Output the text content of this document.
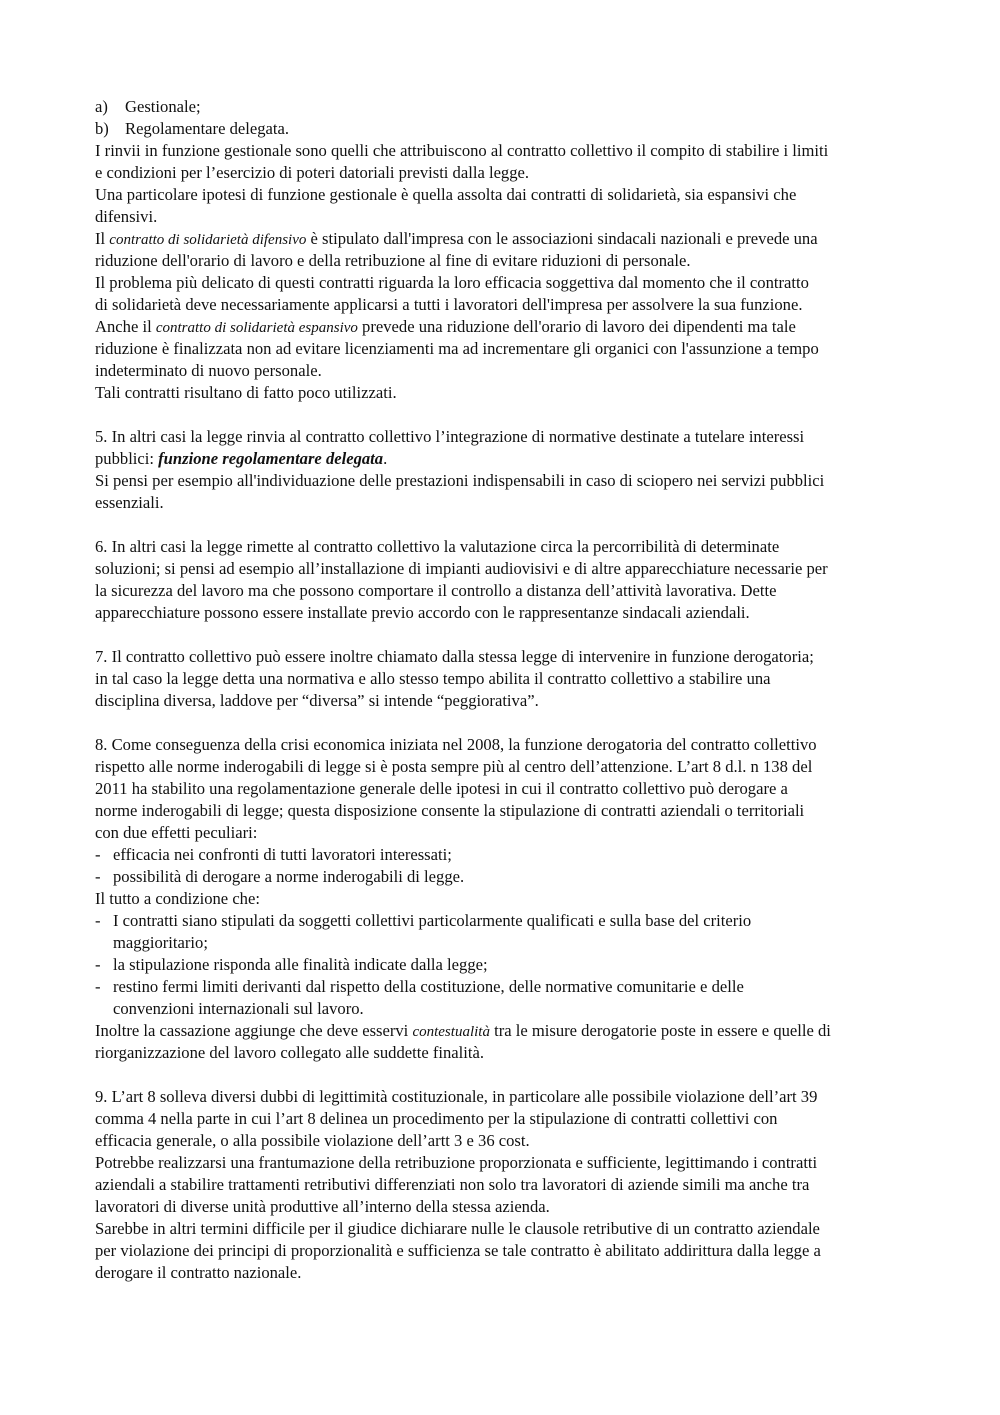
a) Gestionale;
b) Regolamentare delegata.
I rinvii in funzione gestionale sono quelli che attribuiscono al contratto collettivo il compito di stabilire i limiti
e condizioni per l’esercizio di poteri datoriali previsti dalla legge.
Una particolare ipotesi di funzione gestionale è quella assolta dai contratti di solidarietà, sia espansivi che
difensivi.
Il contratto di solidarietà difensivo è stipulato dall'impresa con le associazioni sindacali nazionali e prevede una
riduzione dell'orario di lavoro e della retribuzione al fine di evitare riduzioni di personale.
Il problema più delicato di questi contratti riguarda la loro efficacia soggettiva dal momento che il contratto
di solidarietà deve necessariamente applicarsi a tutti i lavoratori dell'impresa per assolvere la sua funzione.
Anche il contratto di solidarietà espansivo prevede una riduzione dell'orario di lavoro dei dipendenti ma tale
riduzione è finalizzata non ad evitare licenziamenti ma ad incrementare gli organici con l'assunzione a tempo
indeterminato di nuovo personale.
Tali contratti risultano di fatto poco utilizzati.
5. In altri casi la legge rinvia al contratto collettivo l’integrazione di normative destinate a tutelare interessi
pubblici: funzione regolamentare delegata.
Si pensi per esempio all'individuazione delle prestazioni indispensabili in caso di sciopero nei servizi pubblici
essenziali.
6. In altri casi la legge rimette al contratto collettivo la valutazione circa la percorribilità di determinate
soluzioni; si pensi ad esempio all’installazione di impianti audiovisivi e di altre apparecchiature necessarie per
la sicurezza del lavoro ma che possono comportare il controllo a distanza dell’attività lavorativa. Dette
apparecchiature possono essere installate previo accordo con le rappresentanze sindacali aziendali.
7. Il contratto collettivo può essere inoltre chiamato dalla stessa legge di intervenire in funzione derogatoria;
in tal caso la legge detta una normativa e allo stesso tempo abilita il contratto collettivo a stabilire una
disciplina diversa, laddove per “diversa” si intende “peggiorativa”.
8. Come conseguenza della crisi economica iniziata nel 2008, la funzione derogatoria del contratto collettivo
rispetto alle norme inderogabili di legge si è posta sempre più al centro dell’attenzione. L’art 8 d.l. n 138 del
2011 ha stabilito una regolamentazione generale delle ipotesi in cui il contratto collettivo può derogare a
norme inderogabili di legge; questa disposizione consente la stipulazione di contratti aziendali o territoriali
con due effetti peculiari:
- efficacia nei confronti di tutti lavoratori interessati;
- possibilità di derogare a norme inderogabili di legge.
Il tutto a condizione che:
- I contratti siano stipulati da soggetti collettivi particolarmente qualificati e sulla base del criterio
maggioritario;
- la stipulazione risponda alle finalità indicate dalla legge;
- restino fermi limiti derivanti dal rispetto della costituzione, delle normative comunitarie e delle
convenzioni internazionali sul lavoro.
Inoltre la cassazione aggiunge che deve esservi contestualità tra le misure derogatorie poste in essere e quelle di
riorganizzazione del lavoro collegato alle suddette finalità.
9. L’art 8 solleva diversi dubbi di legittimità costituzionale, in particolare alle possibile violazione dell’art 39
comma 4 nella parte in cui l’art 8 delinea un procedimento per la stipulazione di contratti collettivi con
efficacia generale, o alla possibile violazione dell’artt 3 e 36 cost.
Potrebbe realizzarsi una frantumazione della retribuzione proporzionata e sufficiente, legittimando i contratti
aziendali a stabilire trattamenti retributivi differenziati non solo tra lavoratori di aziende simili ma anche tra
lavoratori di diverse unità produttive all’interno della stessa azienda.
Sarebbe in altri termini difficile per il giudice dichiarare nulle le clausole retributive di un contratto aziendale
per violazione dei principi di proporzionalità e sufficienza se tale contratto è abilitato addirittura dalla legge a
derogare il contratto nazionale.
